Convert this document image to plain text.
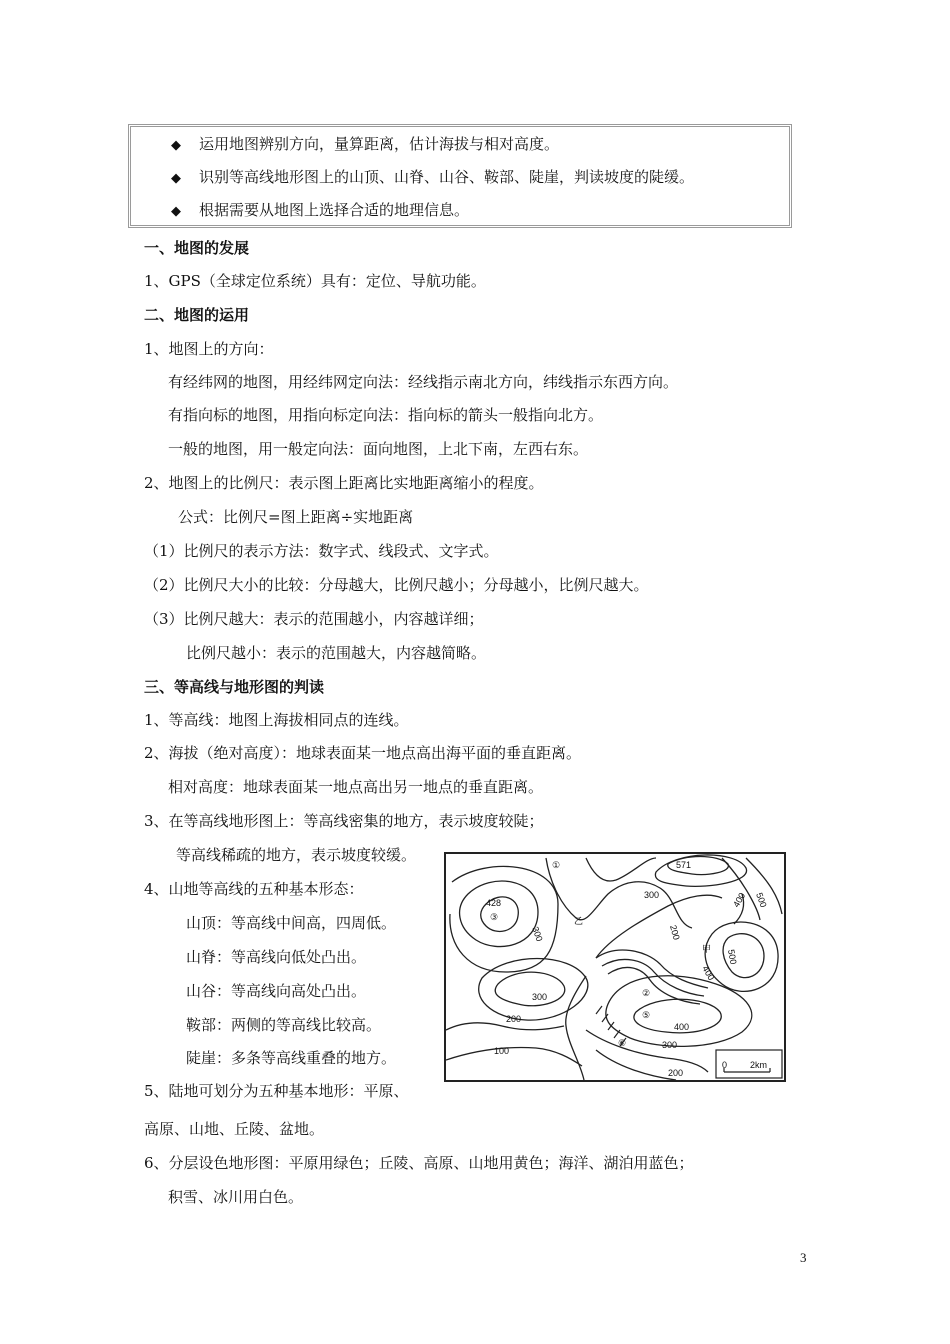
◆ 运用地图辨别方向，量算距离，估计海拔与相对高度。
◆ 识别等高线地形图上的山顶、山脊、山谷、鞍部、陡崖，判读坡度的陡缓。
◆ 根据需要从地图上选择合适的地理信息。
一、地图的发展
1、GPS（全球定位系统）具有：定位、导航功能。
二、地图的运用
1、地图上的方向：
有经纬网的地图，用经纬网定向法：经线指示南北方向，纬线指示东西方向。
有指向标的地图，用指向标定向法：指向标的箭头一般指向北方。
一般的地图，用一般定向法：面向地图，上北下南，左西右东。
2、地图上的比例尺：表示图上距离比实地距离缩小的程度。
公式：比例尺=图上距离÷实地距离
（1）比例尺的表示方法：数字式、线段式、文字式。
（2）比例尺大小的比较：分母越大，比例尺越小；分母越小，比例尺越大。
（3）比例尺越大：表示的范围越小，内容越详细；
比例尺越小：表示的范围越大，内容越简略。
三、等高线与地形图的判读
1、等高线：地图上海拔相同点的连线。
2、海拔（绝对高度）：地球表面某一地点高出海平面的垂直距离。
相对高度：地球表面某一地点高出另一地点的垂直距离。
3、在等高线地形图上：等高线密集的地方，表示坡度较陡；
等高线稀疏的地方，表示坡度较缓。
4、山地等高线的五种基本形态：
山顶：等高线中间高，四周低。
山脊：等高线向低处凸出。
山谷：等高线向高处凸出。
鞍部：两侧的等高线比较高。
陡崖：多条等高线重叠的地方。
5、陆地可划分为五种基本地形：平原、
高原、山地、丘陵、盆地。
6、分层设色地形图：平原用绿色；丘陵、高原、山地用黄色；海洋、湖泊用蓝色；
积雪、冰川用白色。
428
571
300
300
300
200
100
200
300
400
400
400
500
500
200
①
②
③
⑤
⑥
乙
甲
0	2km
3
